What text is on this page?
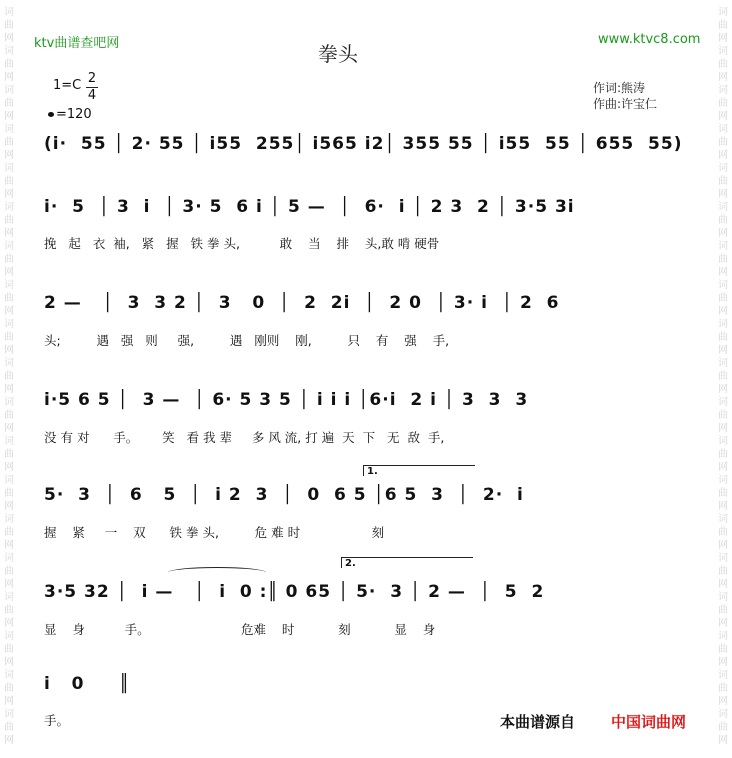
词
曲
网
词
曲
网
词
曲
网
词
曲
网
词
曲
网
词
曲
网
词
曲
网
词
曲
网
词
曲
网
词
曲
网
词
曲
网
词
曲
网
词
曲
网
词
曲
网
词
曲
网
词
曲
网
词
曲
网
词
曲
网
词
曲
网
词
曲
网
词
曲
网
词
曲
网
词
曲
网
词
曲
网
词
曲
网
词
曲
网
词
曲
网
词
曲
网
词
曲
网
词
曲
网
词
曲
网
词
曲
网
词
曲
网
词
曲
网
词
曲
网
词
曲
网
词
曲
网
词
曲
网
ktv曲谱查吧网	www.ktvc8.com
拳头
作词:熊涛
作曲:许宝仁
1=C 2
4
=120
(i·  55 │ 2· 55 │ i55  255│ i565 i2│ 355 55 │ i55  55 │ 655  55)
i·  5  │ 3  i  │ 3· 5  6 i │ 5 —  │  6·  i │ 2 3  2 │ 3·5 3i
挽   起   衣  袖,   紧   握   铁 拳 头,          敢    当    排    头,敢 啃 硬骨
2 —   │  3  3 2 │  3   0  │  2  2i  │  2 0  │ 3· i  │ 2  6
头;         遇   强   则     强,         遇   刚则    刚,         只    有    强    手,
i·5 6 5 │  3 —  │ 6· 5 3 5 │ i i i │6·i  2 i │ 3  3  3
没 有 对      手。      笑   看 我 辈     多 风 流, 打 遍  天  下   无  敌  手,
1.
5·  3  │  6   5  │  i 2  3  │  0  6 5 │6 5  3  │  2·  i
握    紧     一    双      铁 拳 头,         危 难 时                  刻
2.
3·5 32 │  i —   │  i  0 :║ 0 65 │ 5·  3 │ 2 —  │  5  2
显    身          手。                       危难    时           刻           显    身
i   0     ║
手。	本曲谱源自 中国词曲网
